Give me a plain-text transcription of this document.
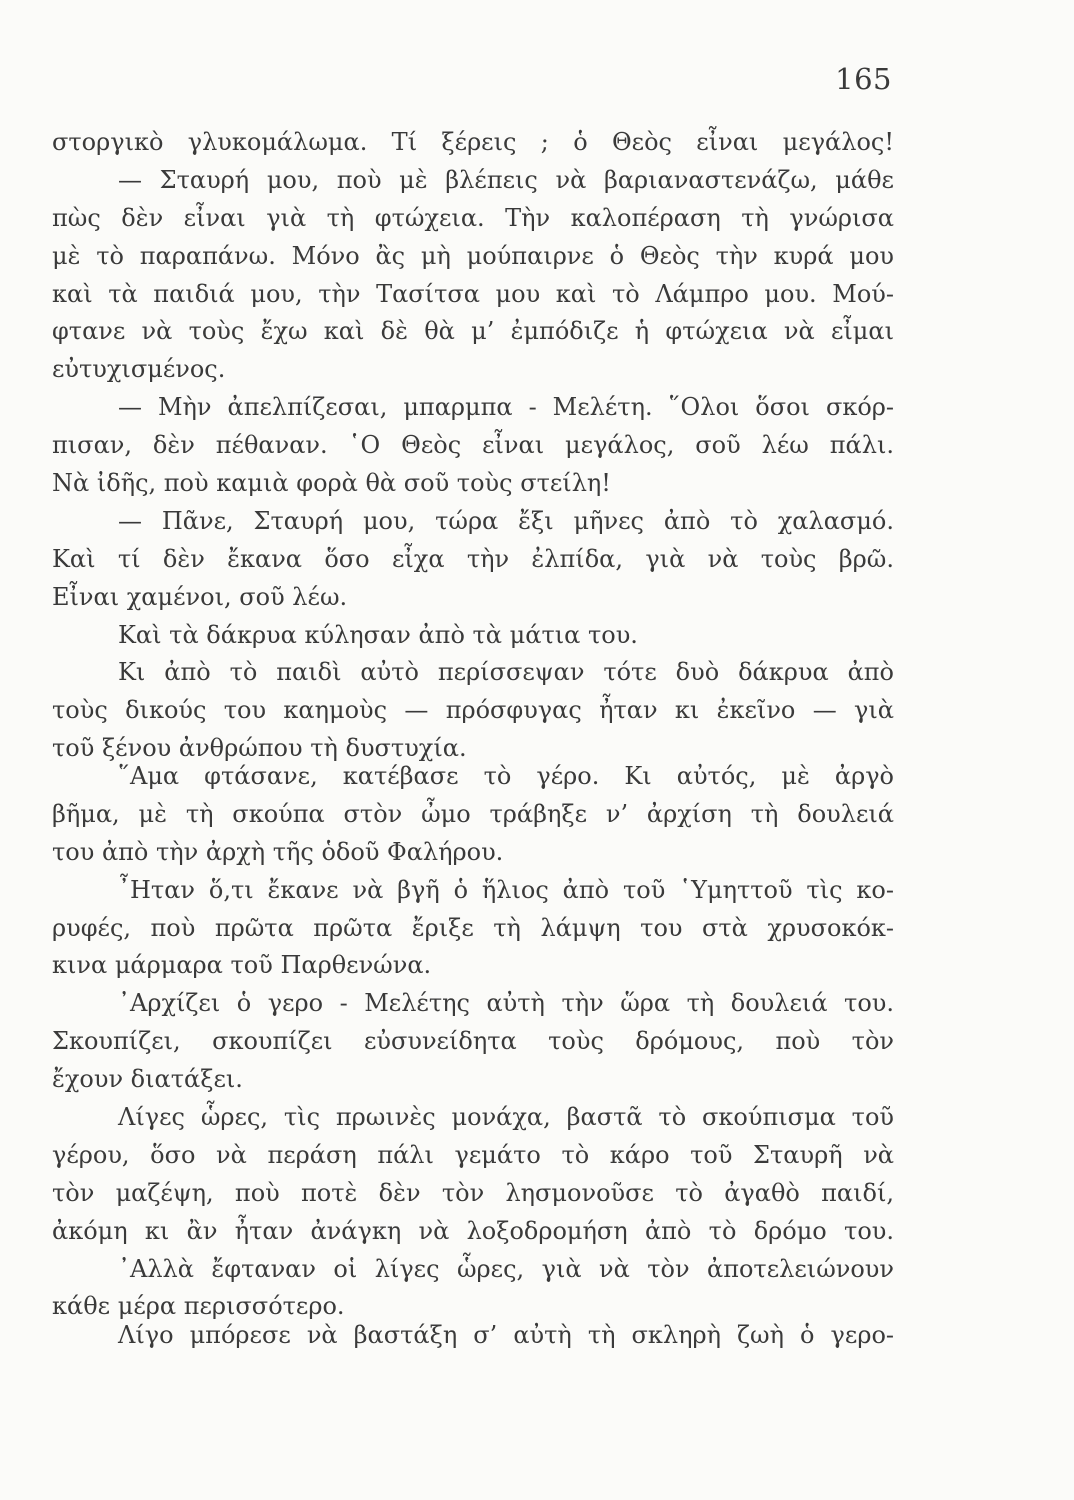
165
στοργικὸ γλυκομάλωμα. Τί ξέρεις ; ὁ Θεὸς εἶναι μεγάλος!
— Σταυρή μου, ποὺ μὲ βλέπεις νὰ βαριαναστενάζω, μάθε
πὼς δὲν εἶναι γιὰ τὴ φτώχεια. Τὴν καλοπέραση τὴ γνώρισα
μὲ τὸ παραπάνω. Μόνο ἂς μὴ μούπαιρνε ὁ Θεὸς τὴν κυρά μου
καὶ τὰ παιδιά μου, τὴν Τασίτσα μου καὶ τὸ Λάμπρο μου. Μού-
φτανε νὰ τοὺς ἔχω καὶ δὲ θὰ μ’ ἐμπόδιζε ἡ φτώχεια νὰ εἶμαι
εὐτυχισμένος.
— Μὴν ἀπελπίζεσαι, μπαρμπα - Μελέτη. ῞Ολοι ὅσοι σκόρ-
πισαν, δὲν πέθαναν. ῾Ο Θεὸς εἶναι μεγάλος, σοῦ λέω πάλι.
Νὰ ἰδῆς, ποὺ καμιὰ φορὰ θὰ σοῦ τοὺς στείλη!
— Πᾶνε, Σταυρή μου, τώρα ἔξι μῆνες ἀπὸ τὸ χαλασμό.
Καὶ τί δὲν ἔκανα ὅσο εἶχα τὴν ἐλπίδα, γιὰ νὰ τοὺς βρῶ.
Εἶναι χαμένοι, σοῦ λέω.
Καὶ τὰ δάκρυα κύλησαν ἀπὸ τὰ μάτια του.
Κι ἀπὸ τὸ παιδὶ αὐτὸ περίσσεψαν τότε δυὸ δάκρυα ἀπὸ
τοὺς δικούς του καημοὺς — πρόσφυγας ἦταν κι ἐκεῖνο — γιὰ
τοῦ ξένου ἀνθρώπου τὴ δυστυχία.
῞Αμα φτάσανε, κατέβασε τὸ γέρο. Κι αὐτός, μὲ ἀργὸ
βῆμα, μὲ τὴ σκούπα στὸν ὦμο τράβηξε ν’ ἀρχίση τὴ δουλειά
του ἀπὸ τὴν ἀρχὴ τῆς ὁδοῦ Φαλήρου.
῏Ηταν ὅ,τι ἔκανε νὰ βγῆ ὁ ἥλιος ἀπὸ τοῦ ῾Υμηττοῦ τὶς κο-
ρυφές, ποὺ πρῶτα πρῶτα ἔριξε τὴ λάμψη του στὰ χρυσοκόκ-
κινα μάρμαρα τοῦ Παρθενώνα.
᾽Αρχίζει ὁ γερο - Μελέτης αὐτὴ τὴν ὥρα τὴ δουλειά του.
Σκουπίζει, σκουπίζει εὐσυνείδητα τοὺς δρόμους, ποὺ τὸν
ἔχουν διατάξει.
Λίγες ὧρες, τὶς πρωινὲς μονάχα, βαστᾶ τὸ σκούπισμα τοῦ
γέρου, ὅσο νὰ περάση πάλι γεμάτο τὸ κάρο τοῦ Σταυρῆ νὰ
τὸν μαζέψη, ποὺ ποτὲ δὲν τὸν λησμονοῦσε τὸ ἀγαθὸ παιδί,
ἀκόμη κι ἂν ἦταν ἀνάγκη νὰ λοξοδρομήση ἀπὸ τὸ δρόμο του.
᾽Αλλὰ ἔφταναν οἱ λίγες ὧρες, γιὰ νὰ τὸν ἀποτελειώνουν
κάθε μέρα περισσότερο.
Λίγο μπόρεσε νὰ βαστάξη σ’ αὐτὴ τὴ σκληρὴ ζωὴ ὁ γερο-
